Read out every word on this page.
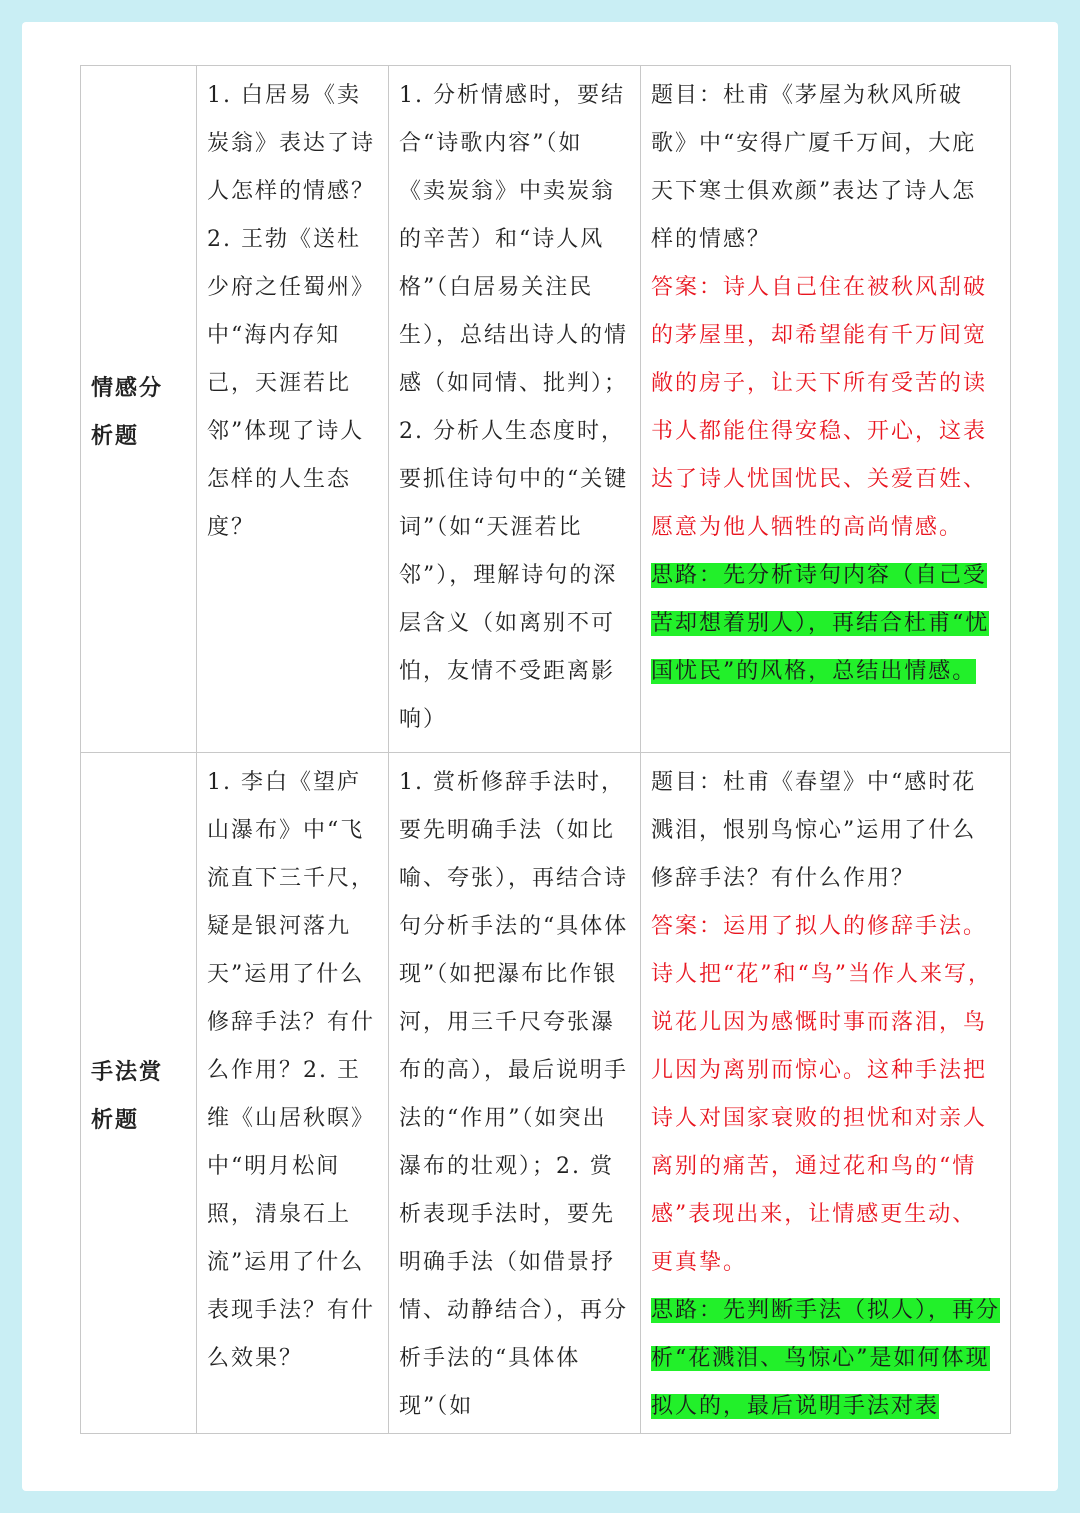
情感分析题	1. 白居易《卖炭翁》表达了诗人怎样的情感？2. 王勃《送杜少府之任蜀州》中“海内存知己，天涯若比邻”体现了诗人怎样的人生态度？	1. 分析情感时，要结合“诗歌内容”（如《卖炭翁》中卖炭翁的辛苦）和“诗人风格”（白居易关注民生），总结出诗人的情感（如同情、批判）；2. 分析人生态度时，要抓住诗句中的“关键词”（如“天涯若比邻”），理解诗句的深层含义（如离别不可怕，友情不受距离影响）	题目：杜甫《茅屋为秋风所破歌》中“安得广厦千万间，大庇天下寒士俱欢颜”表达了诗人怎样的情感？
答案：诗人自己住在被秋风刮破的茅屋里，却希望能有千万间宽敞的房子，让天下所有受苦的读书人都能住得安稳、开心，这表达了诗人忧国忧民、关爱百姓、愿意为他人牺牲的高尚情感。
思路：先分析诗句内容（自己受苦却想着别人），再结合杜甫“忧国忧民”的风格，总结出情感。

手法赏析题	1. 李白《望庐山瀑布》中“飞流直下三千尺，疑是银河落九天”运用了什么修辞手法？有什么作用？2. 王维《山居秋暝》中“明月松间照，清泉石上流”运用了什么表现手法？有什么效果？	1. 赏析修辞手法时，要先明确手法（如比喻、夸张），再结合诗句分析手法的“具体体现”（如把瀑布比作银河，用三千尺夸张瀑布的高），最后说明手法的“作用”（如突出瀑布的壮观）；2. 赏析表现手法时，要先明确手法（如借景抒情、动静结合），再分析手法的“具体体现”（如	题目：杜甫《春望》中“感时花溅泪，恨别鸟惊心”运用了什么修辞手法？有什么作用？
答案：运用了拟人的修辞手法。诗人把“花”和“鸟”当作人来写，说花儿因为感慨时事而落泪，鸟儿因为离别而惊心。这种手法把诗人对国家衰败的担忧和对亲人离别的痛苦，通过花和鸟的“情感”表现出来，让情感更生动、更真挚。
思路：先判断手法（拟人），再分析“花溅泪、鸟惊心”是如何体现拟人的，最后说明手法对表
